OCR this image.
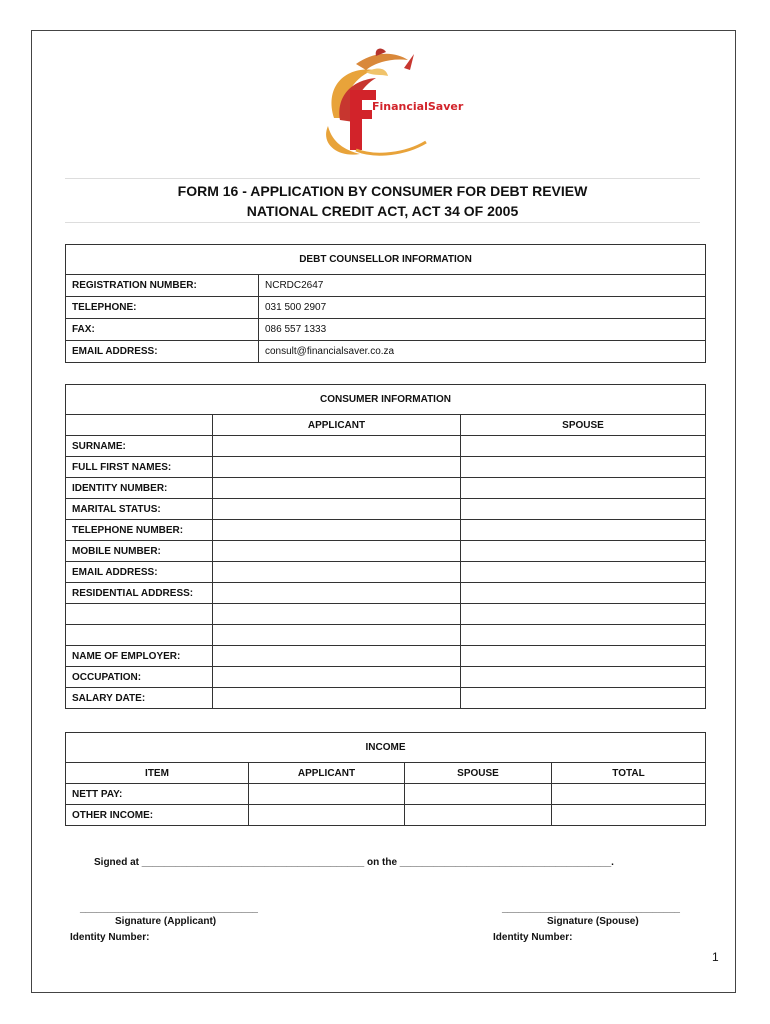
FinancialSaver
FORM 16 - APPLICATION BY CONSUMER FOR DEBT REVIEW
NATIONAL CREDIT ACT, ACT 34 OF 2005
DEBT COUNSELLOR INFORMATION	
REGISTRATION NUMBER:	NCRDC2647
TELEPHONE:	031 500 2907
FAX:	086 557 1333
EMAIL ADDRESS:	consult@financialsaver.co.za
CONSUMER INFORMATION		
	APPLICANT	SPOUSE
SURNAME:		
FULL FIRST NAMES:		
IDENTITY NUMBER:		
MARITAL STATUS:		
TELEPHONE NUMBER:		
MOBILE NUMBER:		
EMAIL ADDRESS:		
RESIDENTIAL ADDRESS:		

NAME OF EMPLOYER:		
OCCUPATION:		
SALARY DATE:		
INCOME			
ITEM	APPLICANT	SPOUSE	TOTAL
NETT PAY:			
OTHER INCOME:			
Signed at ________________________________________ on the ______________________________________.
________________________________
Signature (Applicant)
Identity Number:
________________________________
Signature (Spouse)
Identity Number:
1
